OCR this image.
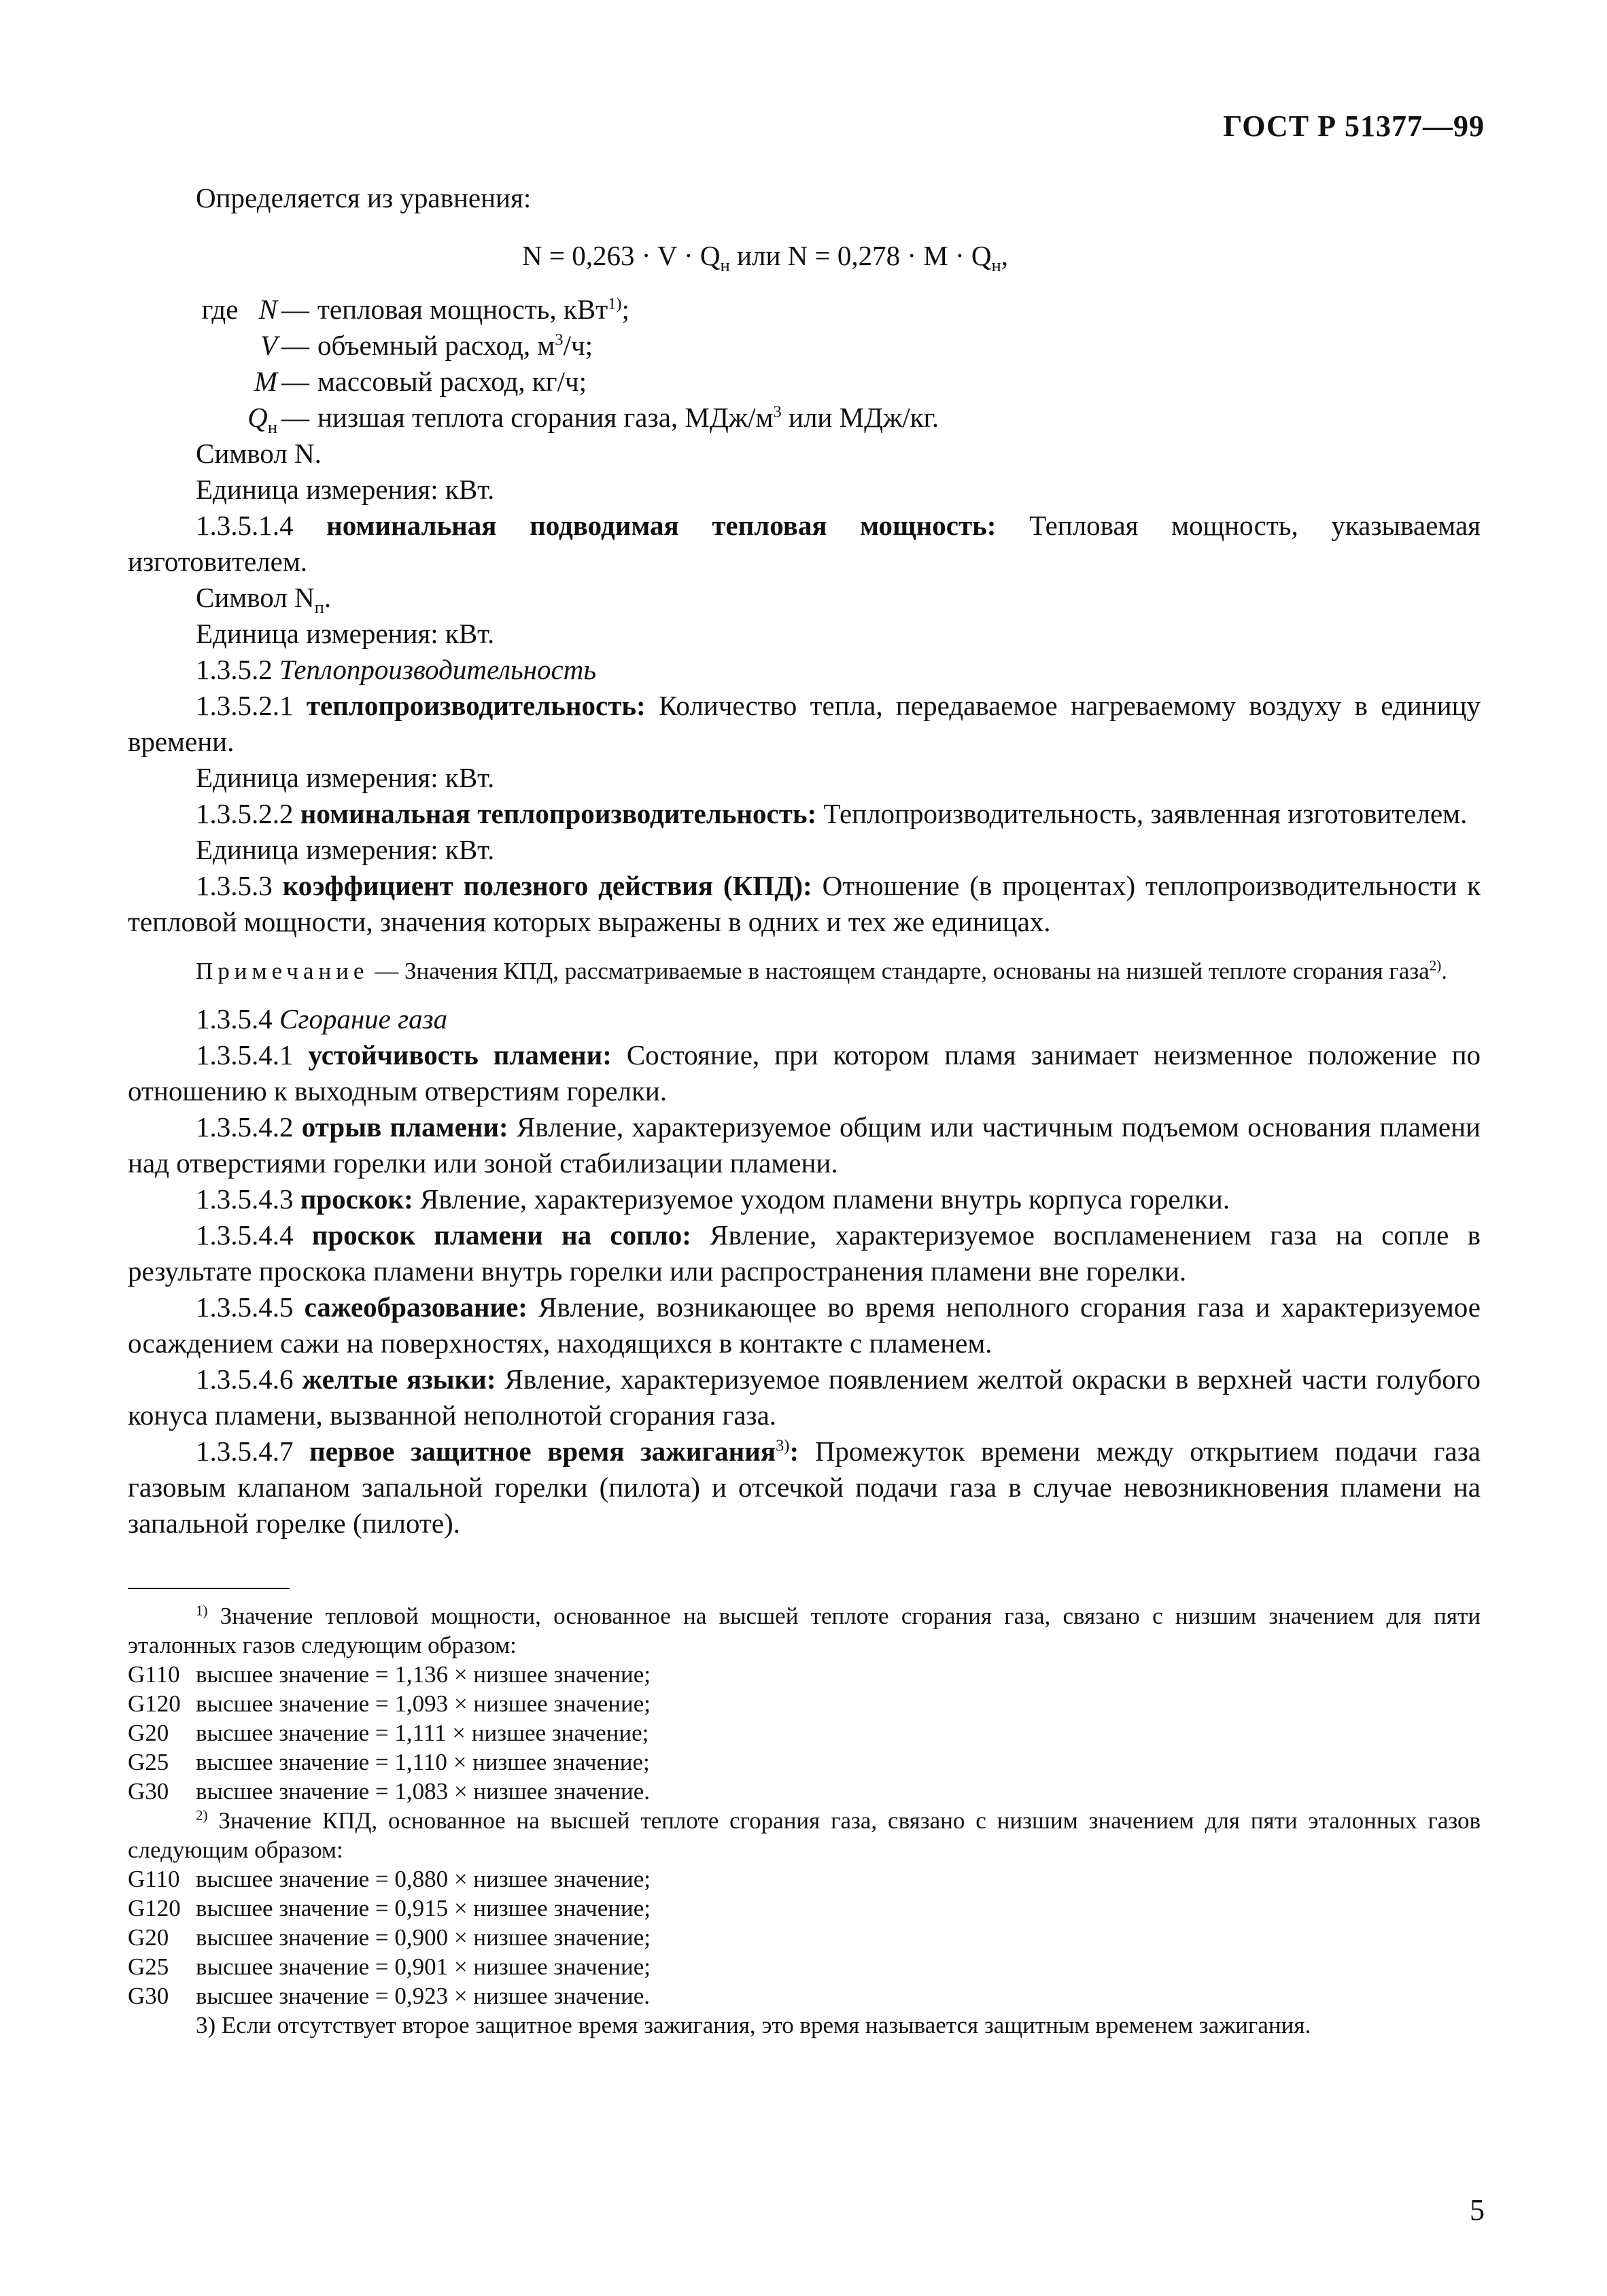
ГОСТ Р 51377—99

Определяется из уравнения:

$N = 0,263 \cdot V \cdot Q_н$ или $N = 0,278 \cdot M \cdot Q_н$,
где N — тепловая мощность, кВт$^{1)}$;
V — объемный расход, $м^3/ч$;
M — массовый расход, кг/ч;
$Q_н$ — низшая теплота сгорания газа, МДж/$м^3$ или МДж/кг.

Символ N.

Единица измерения: кВт.

1.3.5.1.4 номинальная подводимая тепловая мощность: Тепловая мощность, указываемая изготовителем.

Символ $N_п$.

Единица измерения: кВт.

1.3.5.2 Теплопроизводительность

1.3.5.2.1 теплопроизводительность: Количество тепла, передаваемое нагреваемому воздуху в единицу времени.

Единица измерения: кВт.

1.3.5.2.2 номинальная теплопроизводительность: Теплопроизводительность, заявленная изготовителем.

Единица измерения: кВт.

1.3.5.3 коэффициент полезного действия (КПД): Отношение (в процентах) теплопроизводительности к тепловой мощности, значения которых выражены в одних и тех же единицах.

Примечание — Значения КПД, рассматриваемые в настоящем стандарте, основаны на низшей теплоте сгорания газа$^{2)}$.

1.3.5.4 Сгорание газа

1.3.5.4.1 устойчивость пламени: Состояние, при котором пламя занимает неизменное положение по отношению к выходным отверстиям горелки.

1.3.5.4.2 отрыв пламени: Явление, характеризуемое общим или частичным подъемом основания пламени над отверстиями горелки или зоной стабилизации пламени.

1.3.5.4.3 проскок: Явление, характеризуемое уходом пламени внутрь корпуса горелки.

1.3.5.4.4 проскок пламени на сопло: Явление, характеризуемое воспламенением газа на сопле в результате проскока пламени внутрь горелки или распространения пламени вне горелки.

1.3.5.4.5 сажеобразование: Явление, возникающее во время неполного сгорания газа и характеризуемое осаждением сажи на поверхностях, находящихся в контакте с пламенем.

1.3.5.4.6 желтые языки: Явление, характеризуемое появлением желтой окраски в верхней части голубого конуса пламени, вызванной неполнотой сгорания газа.

1.3.5.4.7 первое защитное время зажигания$^{3)}$: Промежуток времени между открытием подачи газа газовым клапаном запальной горелки (пилота) и отсечкой подачи газа в случае невозникновения пламени на запальной горелке (пилоте).

$^{1)}$ Значение тепловой мощности, основанное на высшей теплоте сгорания газа, связано с низшим значением для пяти эталонных газов следующим образом:

G110 высшее значение = 1,136 × низшее значение;
G120 высшее значение = 1,093 × низшее значение;
G20	высшее значение = 1,111 × низшее значение;
G25	высшее значение = 1,110 × низшее значение;
G30	высшее значение = 1,083 × низшее значение.

$^{2)}$ Значение КПД, основанное на высшей теплоте сгорания газа, связано с низшим значением для пяти эталонных газов следующим образом:

G110 высшее значение = 0,880 × низшее значение;
G120 высшее значение = 0,915 × низшее значение;
G20	высшее значение = 0,900 × низшее значение;
G25	высшее значение = 0,901 × низшее значение;
G30	высшее значение = 0,923 × низшее значение.

3) Если отсутствует второе защитное время зажигания, это время называется защитным временем зажигания.

5
